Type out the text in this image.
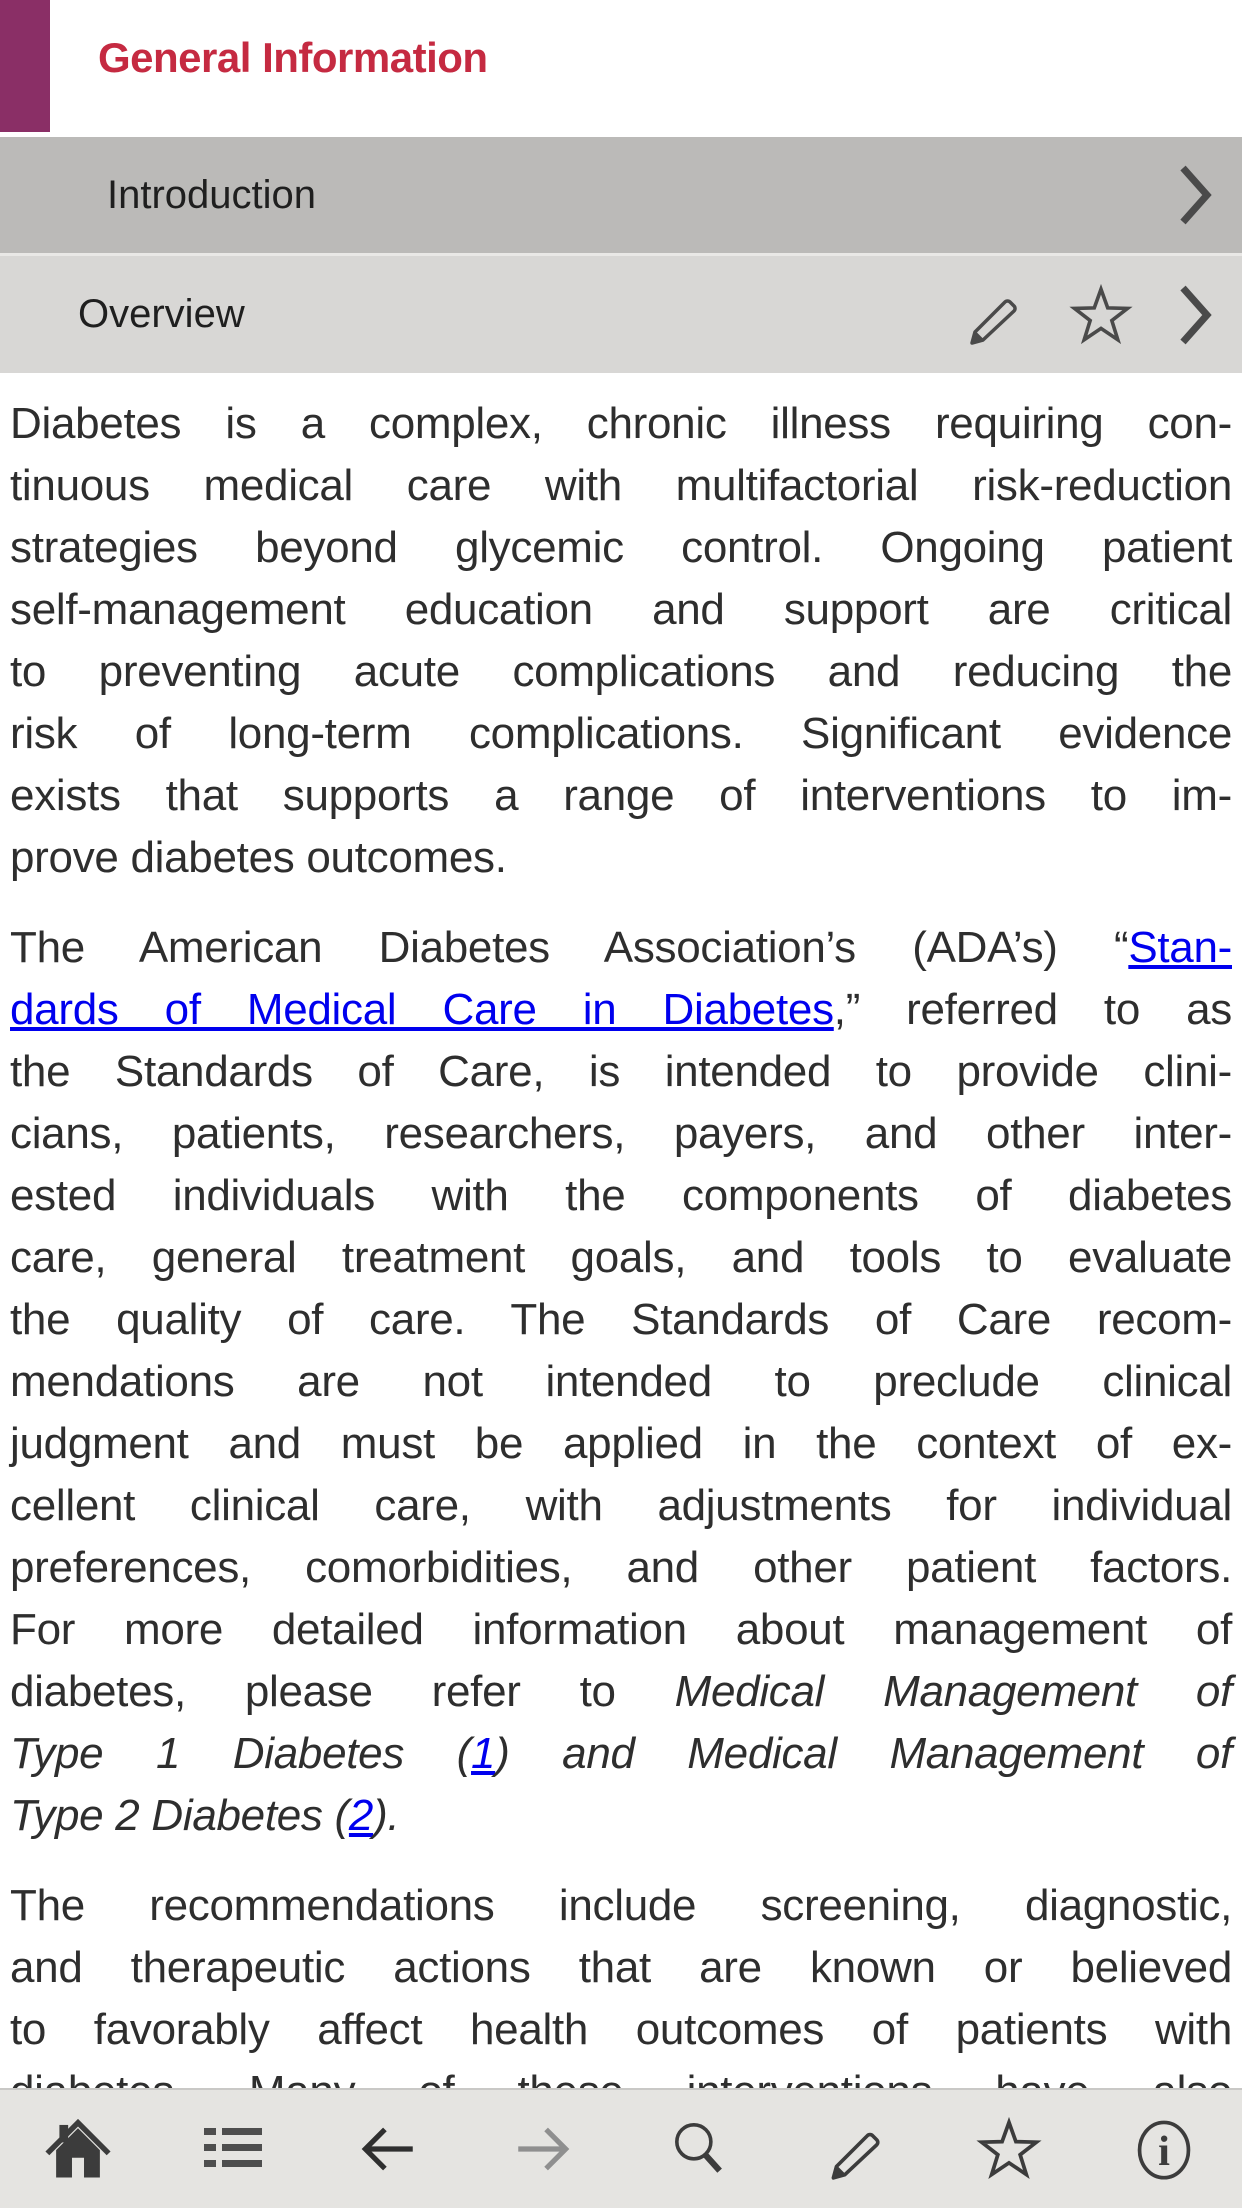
General Information
Introduction
Overview
Diabetes is a complex, chronic illness requiring con-
tinuous medical care with multifactorial risk-reduction
strategies beyond glycemic control. Ongoing patient
self-management education and support are critical
to preventing acute complications and reducing the
risk of long-term complications. Significant evidence
exists that supports a range of interventions to im-
prove diabetes outcomes.
The American Diabetes Association’s (ADA’s) “Stan-
dards of Medical Care in Diabetes,” referred to as
the Standards of Care, is intended to provide clini-
cians, patients, researchers, payers, and other inter-
ested individuals with the components of diabetes
care, general treatment goals, and tools to evaluate
the quality of care. The Standards of Care recom-
mendations are not intended to preclude clinical
judgment and must be applied in the context of ex-
cellent clinical care, with adjustments for individual
preferences, comorbidities, and other patient factors.
For more detailed information about management of
diabetes, please refer to Medical Management of
Type 1 Diabetes (1) and Medical Management of
Type 2 Diabetes (2).
The recommendations include screening, diagnostic,
and therapeutic actions that are known or believed
to favorably affect health outcomes of patients with
i
